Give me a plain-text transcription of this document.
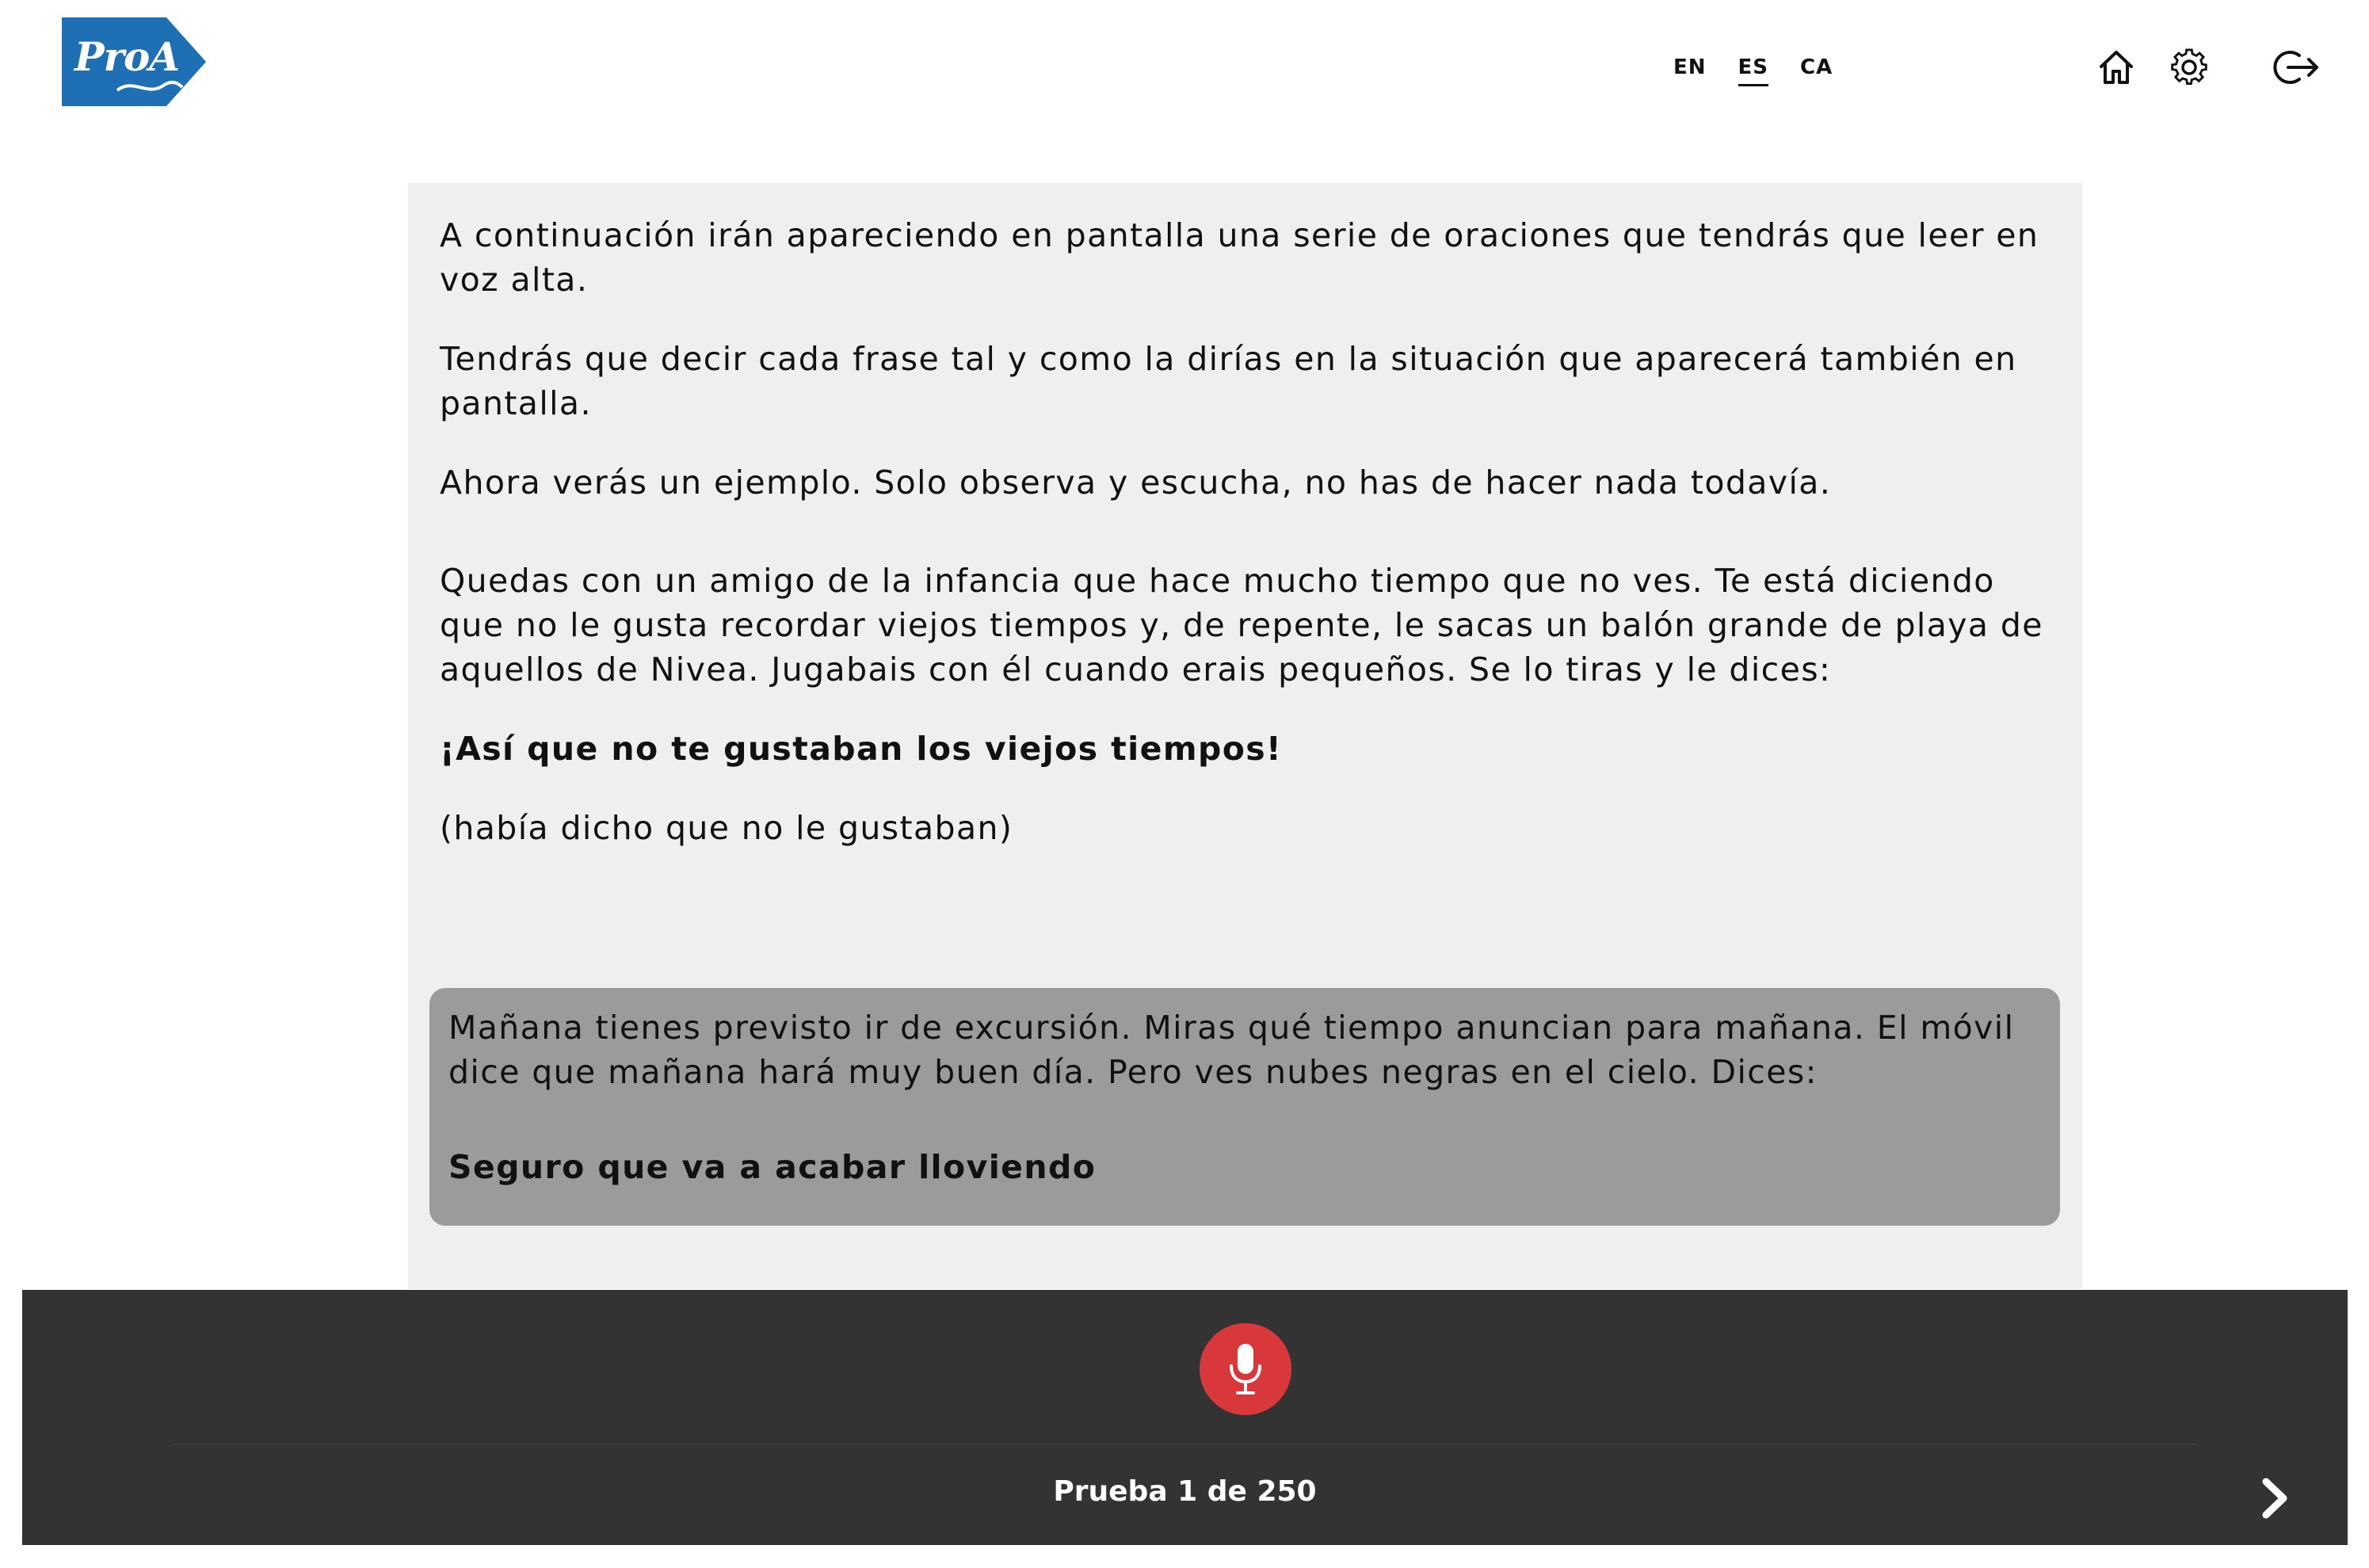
ProA	EN ES CA

A continuación irán apareciendo en pantalla una serie de oraciones que tendrás que leer en voz alta.

Tendrás que decir cada frase tal y como la dirías en la situación que aparecerá también en pantalla.

Ahora verás un ejemplo. Solo observa y escucha, no has de hacer nada todavía.

Quedas con un amigo de la infancia que hace mucho tiempo que no ves. Te está diciendo que no le gusta recordar viejos tiempos y, de repente, le sacas un balón grande de playa de aquellos de Nivea. Jugabais con él cuando erais pequeños. Se lo tiras y le dices:

¡Así que no te gustaban los viejos tiempos!

(había dicho que no le gustaban)

Mañana tienes previsto ir de excursión. Miras qué tiempo anuncian para mañana. El móvil dice que mañana hará muy buen día. Pero ves nubes negras en el cielo. Dices:

Seguro que va a acabar lloviendo

Prueba 1 de 250
